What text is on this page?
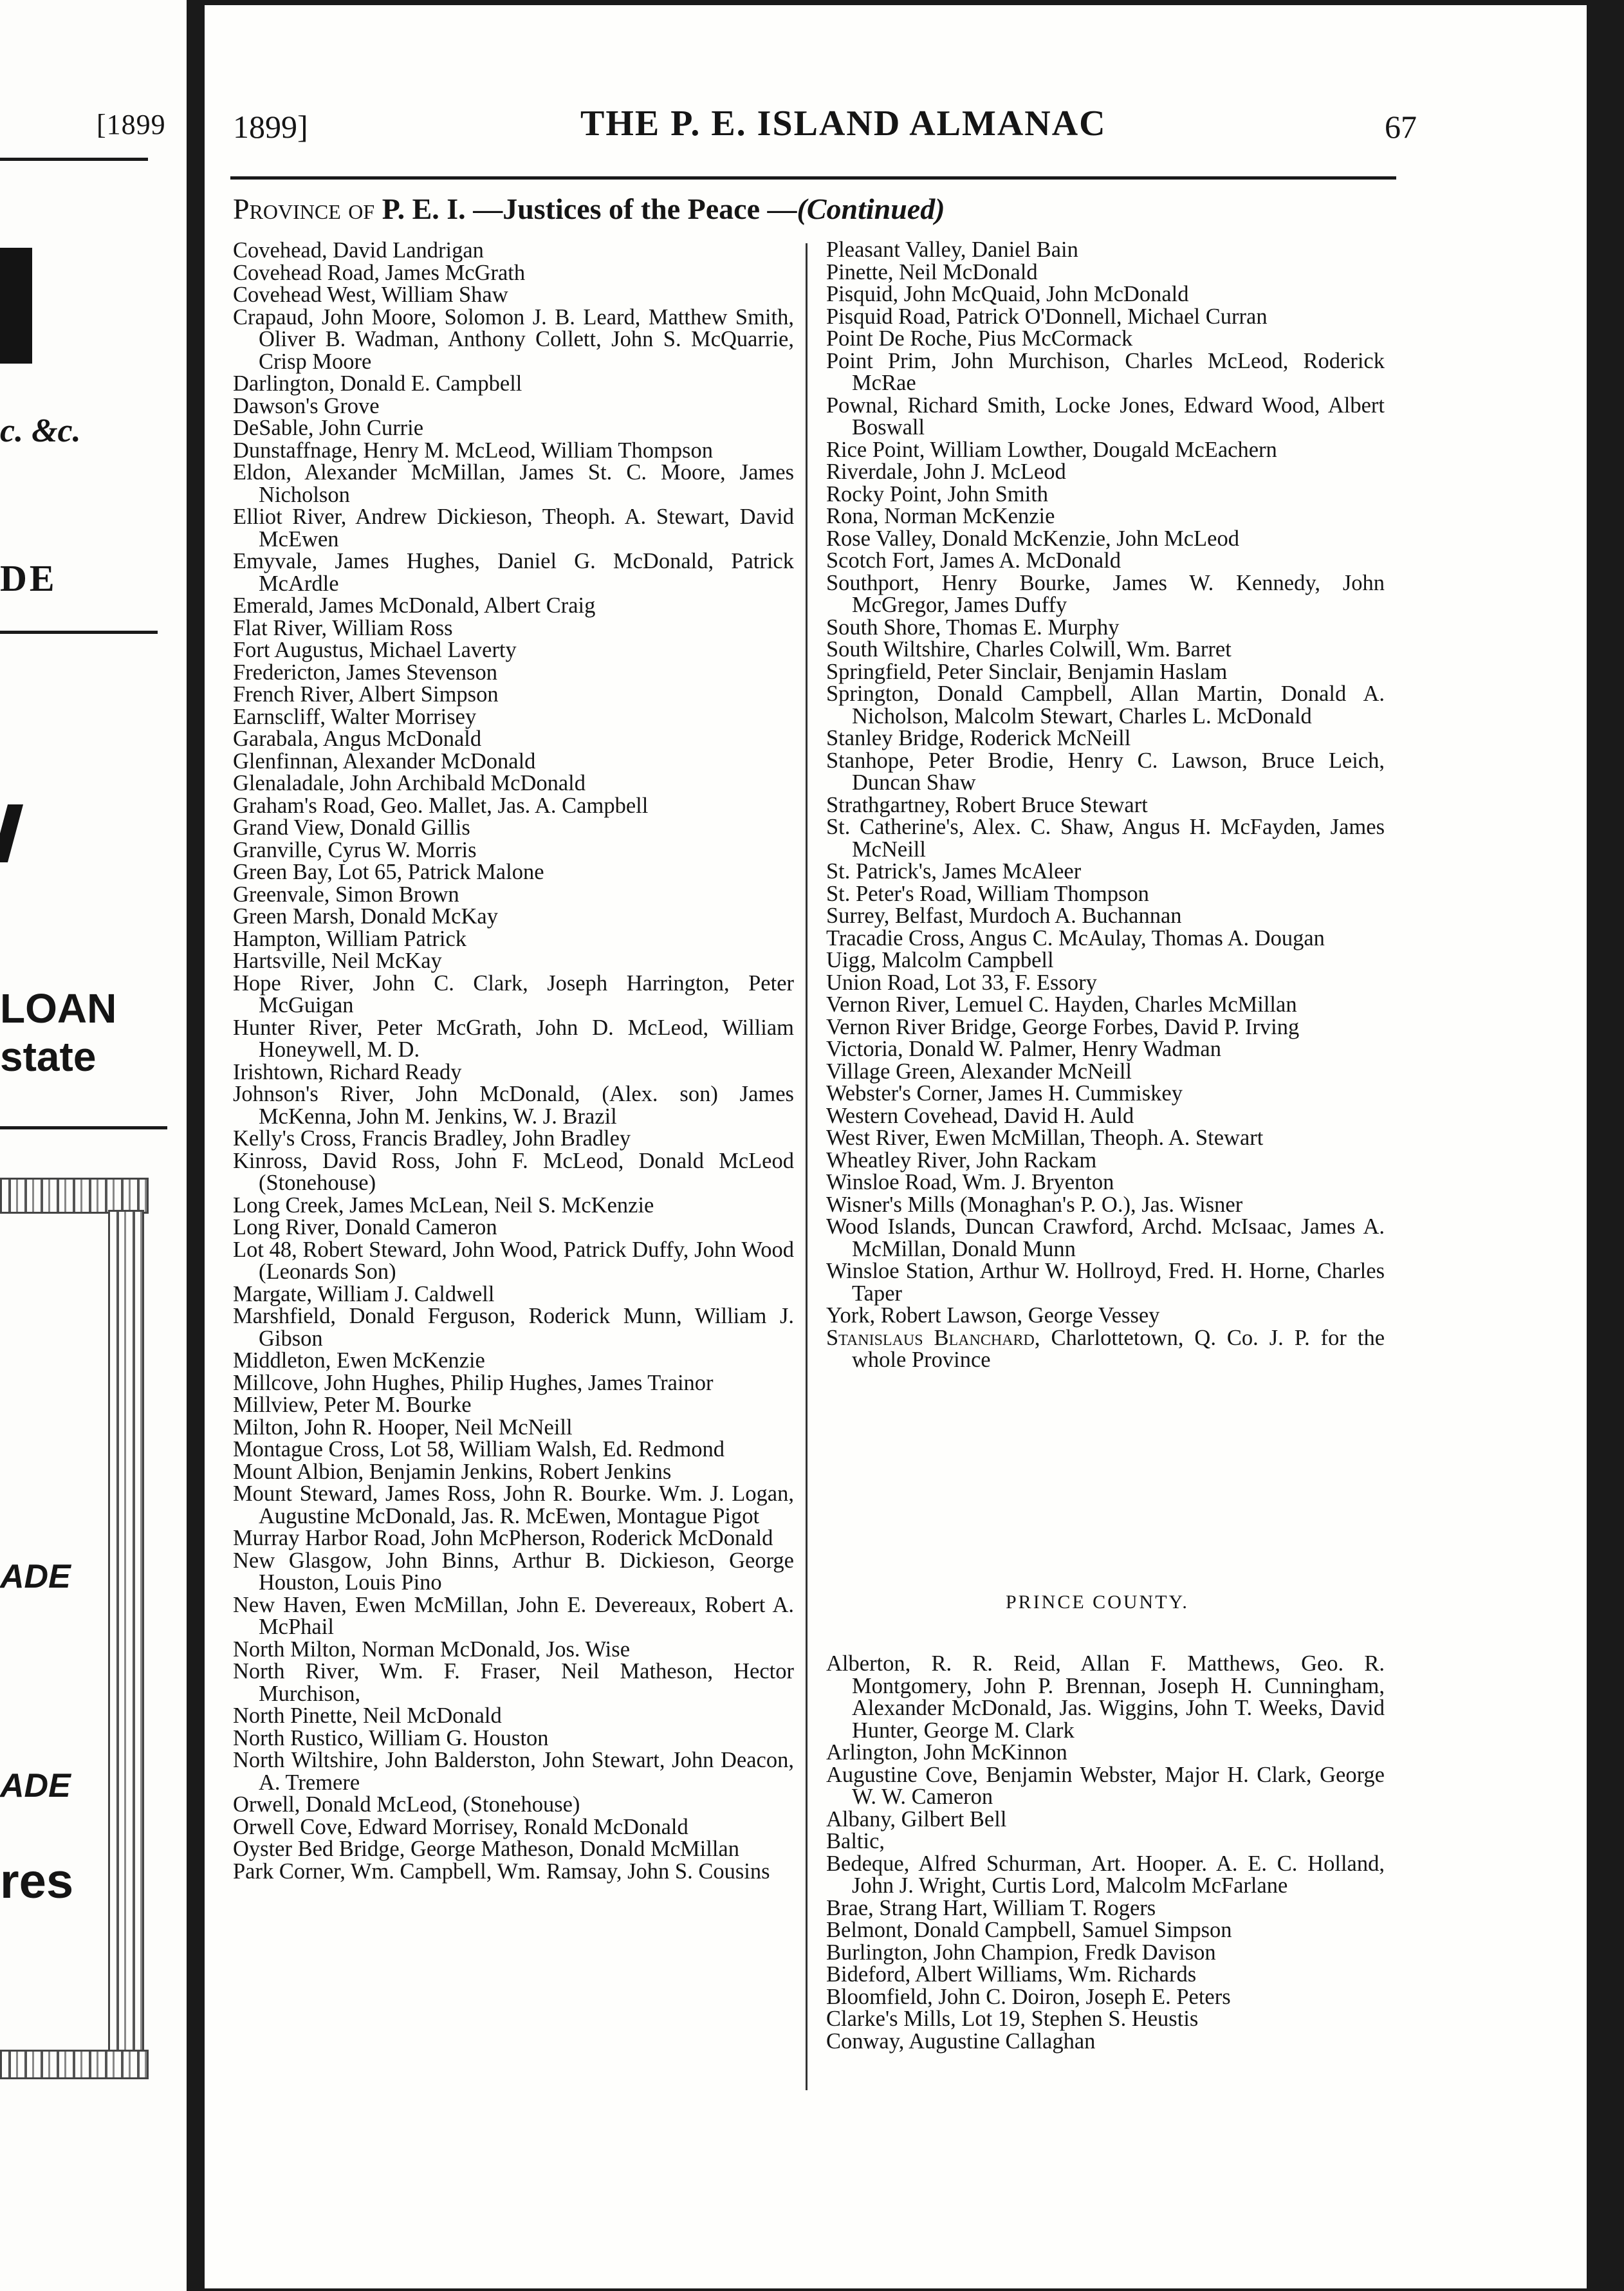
[1899
c. &c.
DE
LOAN
state
ADE
ADE
res
1899]	THE P. E. ISLAND ALMANAC	67
Province of P. E. I. —Justices of the Peace —(Continued)
Covehead, David Landrigan
Covehead Road, James McGrath
Covehead West, William Shaw
Crapaud, John Moore, Solomon J. B. Leard, Matthew Smith, Oliver B. Wadman, Anthony Collett, John S. McQuarrie, Crisp Moore
Darlington, Donald E. Campbell
Dawson's Grove
DeSable, John Currie
Dunstaffnage, Henry M. McLeod, William Thompson
Eldon, Alexander McMillan, James St. C. Moore, James Nicholson
Elliot River, Andrew Dickieson, Theoph. A. Stewart, David McEwen
Emyvale, James Hughes, Daniel G. McDonald, Patrick McArdle
Emerald, James McDonald, Albert Craig
Flat River, William Ross
Fort Augustus, Michael Laverty
Fredericton, James Stevenson
French River, Albert Simpson
Earnscliff, Walter Morrisey
Garabala, Angus McDonald
Glenfinnan, Alexander McDonald
Glenaladale, John Archibald McDonald
Graham's Road, Geo. Mallet, Jas. A. Campbell
Grand View, Donald Gillis
Granville, Cyrus W. Morris
Green Bay, Lot 65, Patrick Malone
Greenvale, Simon Brown
Green Marsh, Donald McKay
Hampton, William Patrick
Hartsville, Neil McKay
Hope River, John C. Clark, Joseph Harrington, Peter McGuigan
Hunter River, Peter McGrath, John D. McLeod, William Honeywell, M. D.
Irishtown, Richard Ready
Johnson's River, John McDonald, (Alex. son) James McKenna, John M. Jenkins, W. J. Brazil
Kelly's Cross, Francis Bradley, John Bradley
Kinross, David Ross, John F. McLeod, Donald McLeod (Stonehouse)
Long Creek, James McLean, Neil S. McKenzie
Long River, Donald Cameron
Lot 48, Robert Steward, John Wood, Patrick Duffy, John Wood (Leonards Son)
Margate, William J. Caldwell
Marshfield, Donald Ferguson, Roderick Munn, William J. Gibson
Middleton, Ewen McKenzie
Millcove, John Hughes, Philip Hughes, James Trainor
Millview, Peter M. Bourke
Milton, John R. Hooper, Neil McNeill
Montague Cross, Lot 58, William Walsh, Ed. Redmond
Mount Albion, Benjamin Jenkins, Robert Jenkins
Mount Steward, James Ross, John R. Bourke. Wm. J. Logan, Augustine McDonald, Jas. R. McEwen, Montague Pigot
Murray Harbor Road, John McPherson, Roderick McDonald
New Glasgow, John Binns, Arthur B. Dickieson, George Houston, Louis Pino
New Haven, Ewen McMillan, John E. Devereaux, Robert A. McPhail
North Milton, Norman McDonald, Jos. Wise
North River, Wm. F. Fraser, Neil Matheson, Hector Murchison,
North Pinette, Neil McDonald
North Rustico, William G. Houston
North Wiltshire, John Balderston, John Stewart, John Deacon, A. Tremere
Orwell, Donald McLeod, (Stonehouse)
Orwell Cove, Edward Morrisey, Ronald McDonald
Oyster Bed Bridge, George Matheson, Donald McMillan
Park Corner, Wm. Campbell, Wm. Ramsay, John S. Cousins
Pleasant Valley, Daniel Bain
Pinette, Neil McDonald
Pisquid, John McQuaid, John McDonald
Pisquid Road, Patrick O'Donnell, Michael Curran
Point De Roche, Pius McCormack
Point Prim, John Murchison, Charles McLeod, Roderick McRae
Pownal, Richard Smith, Locke Jones, Edward Wood, Albert Boswall
Rice Point, William Lowther, Dougald McEachern
Riverdale, John J. McLeod
Rocky Point, John Smith
Rona, Norman McKenzie
Rose Valley, Donald McKenzie, John McLeod
Scotch Fort, James A. McDonald
Southport, Henry Bourke, James W. Kennedy, John McGregor, James Duffy
South Shore, Thomas E. Murphy
South Wiltshire, Charles Colwill, Wm. Barret
Springfield, Peter Sinclair, Benjamin Haslam
Springton, Donald Campbell, Allan Martin, Donald A. Nicholson, Malcolm Stewart, Charles L. McDonald
Stanley Bridge, Roderick McNeill
Stanhope, Peter Brodie, Henry C. Lawson, Bruce Leich, Duncan Shaw
Strathgartney, Robert Bruce Stewart
St. Catherine's, Alex. C. Shaw, Angus H. McFayden, James McNeill
St. Patrick's, James McAleer
St. Peter's Road, William Thompson
Surrey, Belfast, Murdoch A. Buchannan
Tracadie Cross, Angus C. McAulay, Thomas A. Dougan
Uigg, Malcolm Campbell
Union Road, Lot 33, F. Essory
Vernon River, Lemuel C. Hayden, Charles McMillan
Vernon River Bridge, George Forbes, David P. Irving
Victoria, Donald W. Palmer, Henry Wadman
Village Green, Alexander McNeill
Webster's Corner, James H. Cummiskey
Western Covehead, David H. Auld
West River, Ewen McMillan, Theoph. A. Stewart
Wheatley River, John Rackam
Winsloe Road, Wm. J. Bryenton
Wisner's Mills (Monaghan's P. O.), Jas. Wisner
Wood Islands, Duncan Crawford, Archd. McIsaac, James A. McMillan, Donald Munn
Winsloe Station, Arthur W. Hollroyd, Fred. H. Horne, Charles Taper
York, Robert Lawson, George Vessey
Stanislaus Blanchard, Charlottetown, Q. Co. J. P. for the whole Province
PRINCE COUNTY.
Alberton, R. R. Reid, Allan F. Matthews, Geo. R. Montgomery, John P. Brennan, Joseph H. Cunningham, Alexander McDonald, Jas. Wiggins, John T. Weeks, David Hunter, George M. Clark
Arlington, John McKinnon
Augustine Cove, Benjamin Webster, Major H. Clark, George W. W. Cameron
Albany, Gilbert Bell
Baltic,
Bedeque, Alfred Schurman, Art. Hooper. A. E. C. Holland, John J. Wright, Curtis Lord, Malcolm McFarlane
Brae, Strang Hart, William T. Rogers
Belmont, Donald Campbell, Samuel Simpson
Burlington, John Champion, Fredk Davison
Bideford, Albert Williams, Wm. Richards
Bloomfield, John C. Doiron, Joseph E. Peters
Clarke's Mills, Lot 19, Stephen S. Heustis
Conway, Augustine Callaghan
